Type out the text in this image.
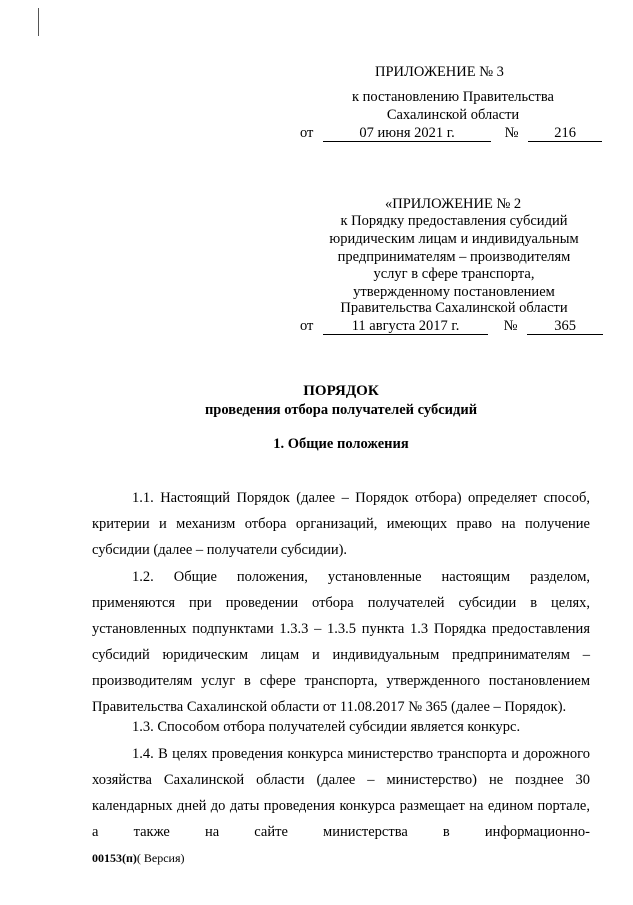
ПРИЛОЖЕНИЕ № 3
к постановлению Правительства
Сахалинской области
от	07 июня 2021 г.	№ 216
«ПРИЛОЖЕНИЕ № 2
к Порядку предоставления субсидий
юридическим лицам и индивидуальным
предпринимателям – производителям
услуг в сфере транспорта,
утвержденному постановлением
Правительства Сахалинской области
от	11 августа 2017 г.	№	365
ПОРЯДОК
проведения отбора получателей субсидий
1. Общие положения
1.1. Настоящий Порядок (далее – Порядок отбора) определяет способ, критерии и механизм отбора организаций, имеющих право на получение субсидии (далее – получатели субсидии).
1.2. Общие положения, установленные настоящим разделом, применяются при проведении отбора получателей субсидии в целях, установленных подпунктами 1.3.3 – 1.3.5 пункта 1.3 Порядка предоставления субсидий юридическим лицам и индивидуальным предпринимателям – производителям услуг в сфере транспорта, утвержденного постановлением Правительства Сахалинской области от 11.08.2017 № 365 (далее – Порядок).
1.3. Способом отбора получателей субсидии является конкурс.
1.4. В целях проведения конкурса министерство транспорта и дорожного хозяйства Сахалинской области (далее – министерство) не позднее 30 календарных дней до даты проведения конкурса размещает на едином портале, а также на сайте министерства в информационно-
00153(п)( Версия)
